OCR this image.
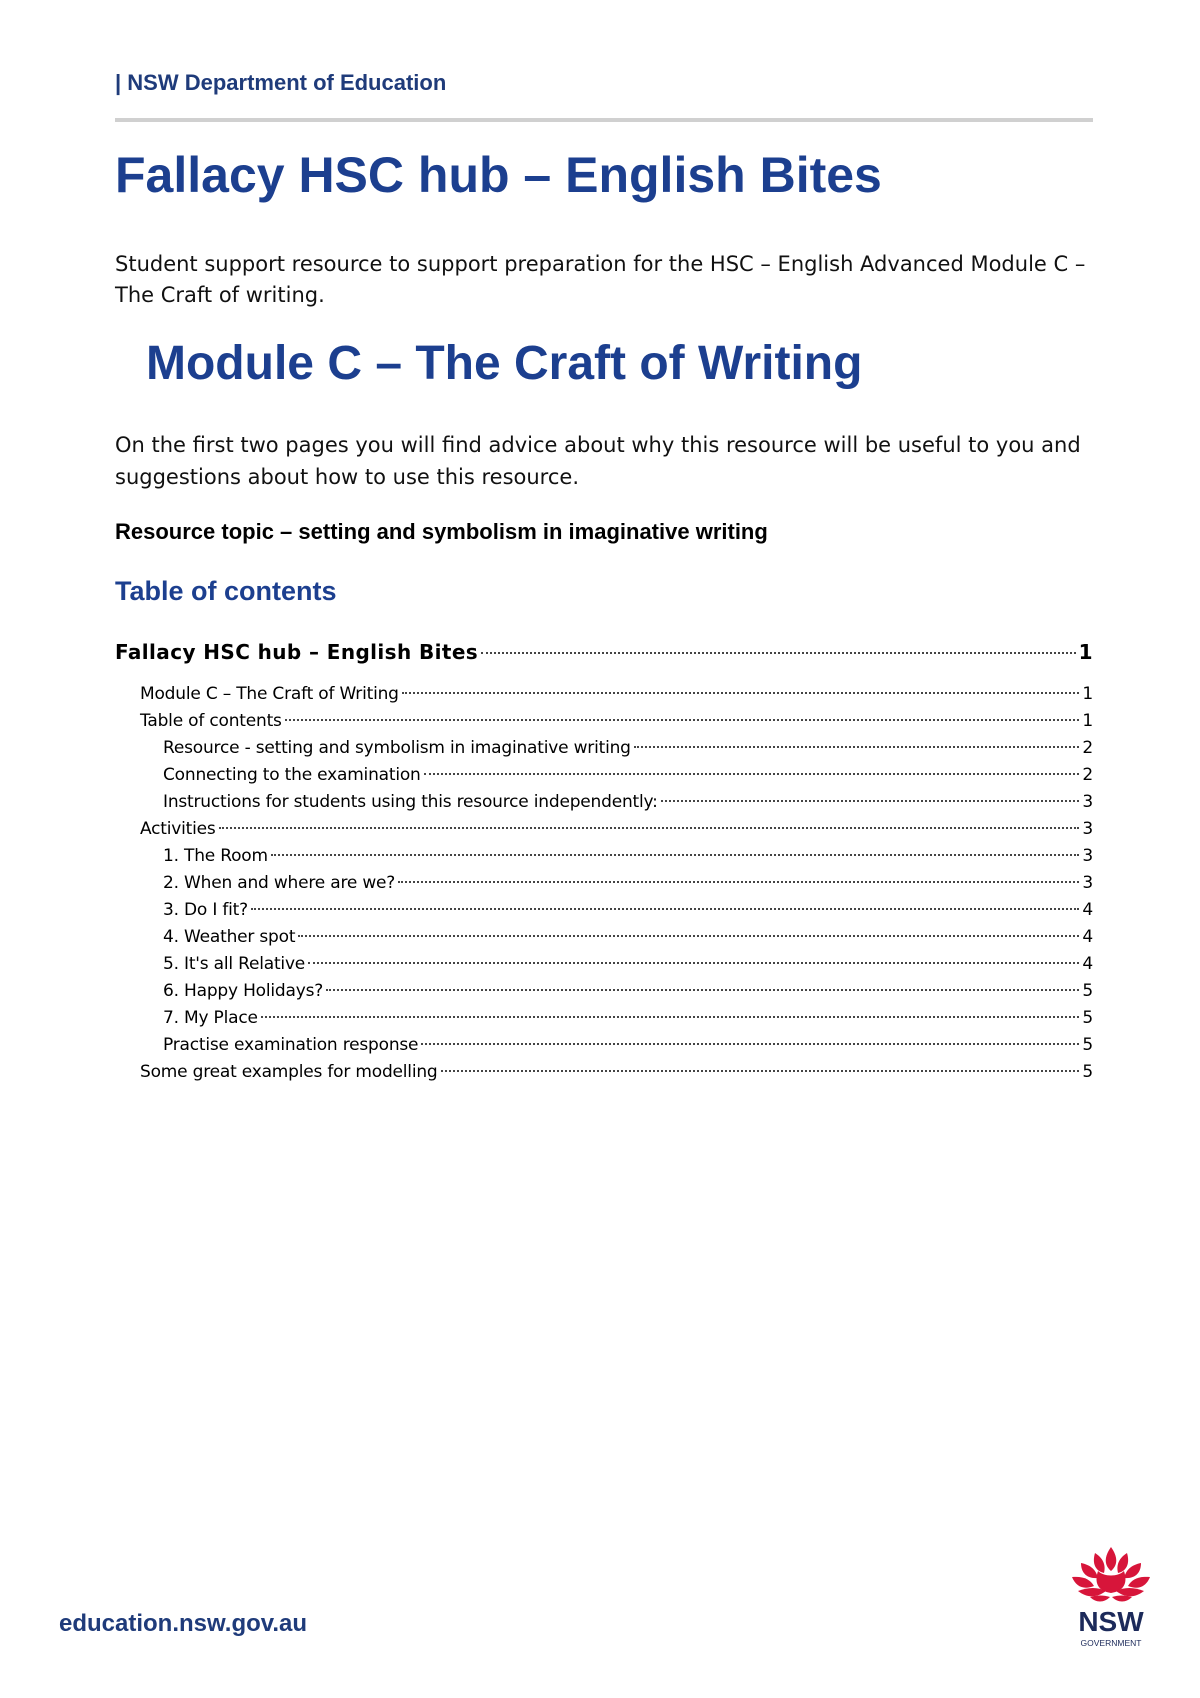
| NSW Department of Education
Fallacy HSC hub – English Bites

Student support resource to support preparation for the HSC – English Advanced Module C – The Craft of writing.

Module C – The Craft of Writing

On the first two pages you will find advice about why this resource will be useful to you and suggestions about how to use this resource.

Resource topic – setting and symbolism in imaginative writing

Table of contents
Fallacy HSC hub – English Bites	1
Module C – The Craft of Writing	1
Table of contents	1
Resource - setting and symbolism in imaginative writing	2
Connecting to the examination	2
Instructions for students using this resource independently:	3
Activities	3
1. The Room	3
2. When and where are we?	3
3. Do I fit?	4
4. Weather spot	4
5. It's all Relative	4
6. Happy Holidays?	5
7. My Place	5
Practise examination response	5
Some great examples for modelling	5
education.nsw.gov.au	NSW
GOVERNMENT
